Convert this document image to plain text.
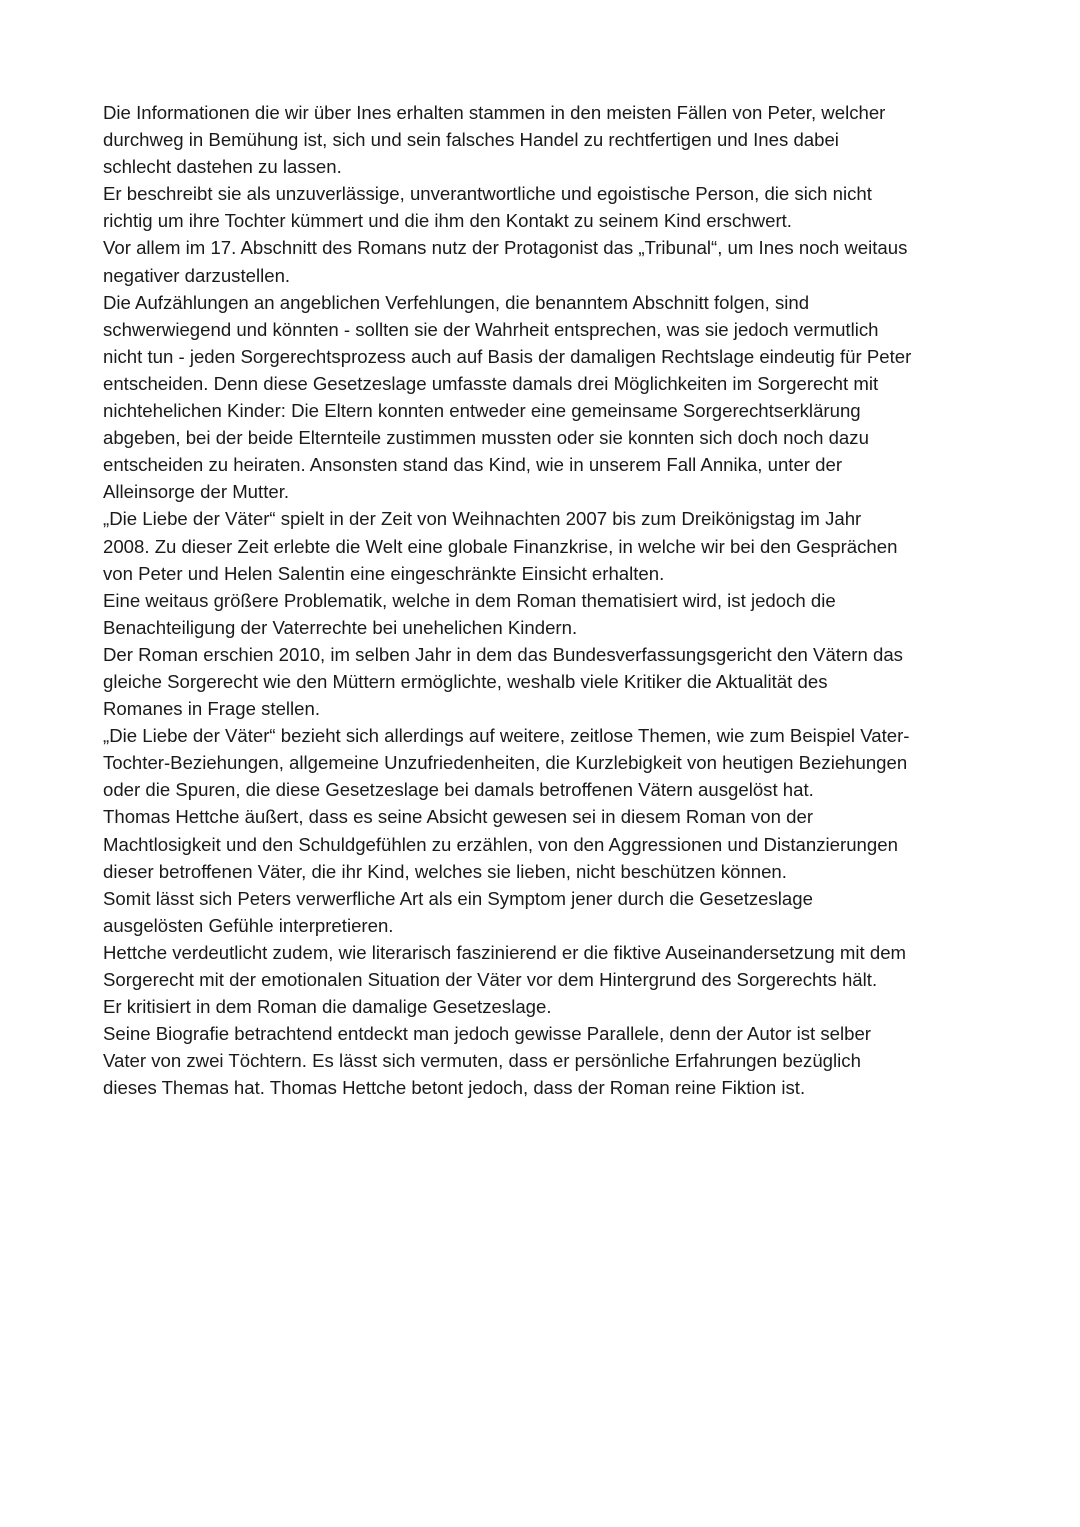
Die Informationen die wir über Ines erhalten stammen in den meisten Fällen von Peter, welcher
durchweg in Bemühung ist, sich und sein falsches Handel zu rechtfertigen und Ines dabei
schlecht dastehen zu lassen.
Er beschreibt sie als unzuverlässige, unverantwortliche und egoistische Person, die sich nicht
richtig um ihre Tochter kümmert und die ihm den Kontakt zu seinem Kind erschwert.
Vor allem im 17. Abschnitt des Romans nutz der Protagonist das „Tribunal“, um Ines noch weitaus
negativer darzustellen.
Die Aufzählungen an angeblichen Verfehlungen, die benanntem Abschnitt folgen, sind
schwerwiegend und könnten - sollten sie der Wahrheit entsprechen, was sie jedoch vermutlich
nicht tun - jeden Sorgerechtsprozess auch auf Basis der damaligen Rechtslage eindeutig für Peter
entscheiden. Denn diese Gesetzeslage umfasste damals drei Möglichkeiten im Sorgerecht mit
nichtehelichen Kinder: Die Eltern konnten entweder eine gemeinsame Sorgerechtserklärung
abgeben, bei der beide Elternteile zustimmen mussten oder sie konnten sich doch noch dazu
entscheiden zu heiraten. Ansonsten stand das Kind, wie in unserem Fall Annika, unter der
Alleinsorge der Mutter.
„Die Liebe der Väter“ spielt in der Zeit von Weihnachten 2007 bis zum Dreikönigstag im Jahr
2008. Zu dieser Zeit erlebte die Welt eine globale Finanzkrise, in welche wir bei den Gesprächen
von Peter und Helen Salentin eine eingeschränkte Einsicht erhalten.
Eine weitaus größere Problematik, welche in dem Roman thematisiert wird, ist jedoch die
Benachteiligung der Vaterrechte bei unehelichen Kindern.
Der Roman erschien 2010, im selben Jahr in dem das Bundesverfassungsgericht den Vätern das
gleiche Sorgerecht wie den Müttern ermöglichte, weshalb viele Kritiker die Aktualität des
Romanes in Frage stellen.
„Die Liebe der Väter“ bezieht sich allerdings auf weitere, zeitlose Themen, wie zum Beispiel Vater-
Tochter-Beziehungen, allgemeine Unzufriedenheiten, die Kurzlebigkeit von heutigen Beziehungen
oder die Spuren, die diese Gesetzeslage bei damals betroffenen Vätern ausgelöst hat.
Thomas Hettche äußert, dass es seine Absicht gewesen sei in diesem Roman von der
Machtlosigkeit und den Schuldgefühlen zu erzählen, von den Aggressionen und Distanzierungen
dieser betroffenen Väter, die ihr Kind, welches sie lieben, nicht beschützen können.
Somit lässt sich Peters verwerfliche Art als ein Symptom jener durch die Gesetzeslage
ausgelösten Gefühle interpretieren.
Hettche verdeutlicht zudem, wie literarisch faszinierend er die fiktive Auseinandersetzung mit dem
Sorgerecht mit der emotionalen Situation der Väter vor dem Hintergrund des Sorgerechts hält.
Er kritisiert in dem Roman die damalige Gesetzeslage.
Seine Biografie betrachtend entdeckt man jedoch gewisse Parallele, denn der Autor ist selber
Vater von zwei Töchtern. Es lässt sich vermuten, dass er persönliche Erfahrungen bezüglich
dieses Themas hat. Thomas Hettche betont jedoch, dass der Roman reine Fiktion ist.
